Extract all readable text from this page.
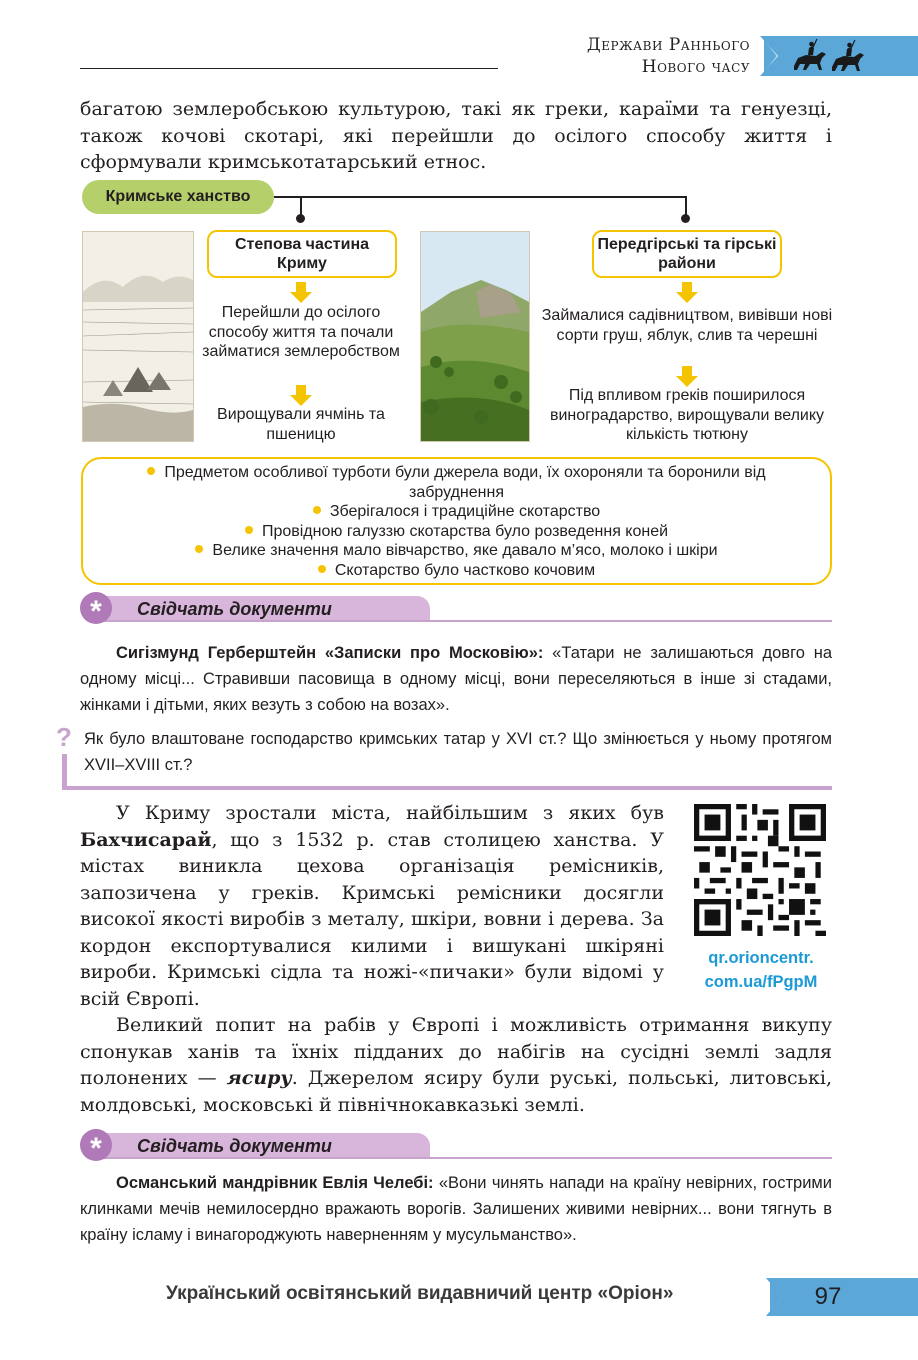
Держави Раннього
Нового часу

багатою землеробською культурою, такі як греки, караїми та генуезці, також кочові скотарі, які перейшли до осілого способу життя і сформували кримськотатарський етнос.

Кримське ханство
Степова частина Криму
Перейшли до осілого способу життя та почали займатися землеробством
Вирощували ячмінь та пшеницю
Передгірські та гірські райони
Займалися садівництвом, вивівши нові сорти груш, яблук, слив та черешні
Під впливом греків поширилося виноградарство, вирощували велику кількість тютюну
Предметом особливої турботи були джерела води, їх охороняли та боронили від забруднення
Зберігалося і традиційне скотарство
Провідною галуззю скотарства було розведення коней
Велике значення мало вівчарство, яке давало м’ясо, молоко і шкіри
Скотарство було частково кочовим
*	Свідчать документи

Сигізмунд Герберштейн «Записки про Московію»: «Татари не залишаються довго на одному місці... Стравивши пасовища в одному місці, вони переселяються в інше зі стадами, жінками і дітьми, яких везуть з собою на возах».

? Як було влаштоване господарство кримських татар у XVI ст.? Що змінюється у ньому протягом XVII–XVIII ст.?

У Криму зростали міста, найбільшим з яких був Бахчисарай, що з 1532 р. став столицею ханства. У містах виникла цехова організація ремісників, запозичена у греків. Кримські ремісники досягли високої якості виробів з металу, шкіри, вовни і дерева. За кордон експортувалися килими і вишукані шкіряні вироби. Кримські сідла та ножі-«пичаки» були відомі у всій Європі.

qr.orioncentr.
com.ua/fPgpM

Великий попит на рабів у Європі і можливість отримання викупу спонукав ханів та їхніх підданих до набігів на сусідні землі задля полонених — ясиру. Джерелом ясиру були руські, польські, литовські, молдовські, московські й північнокавказькі землі.

*	Свідчать документи

Османський мандрівник Евлія Челебі: «Вони чинять напади на країну невірних, гострими клинками мечів немилосердно вражають ворогів. Залишених живими невірних... вони тягнуть в країну ісламу і винагороджують наверненням у мусульманство».

Український освітянський видавничий центр «Оріон»	97
